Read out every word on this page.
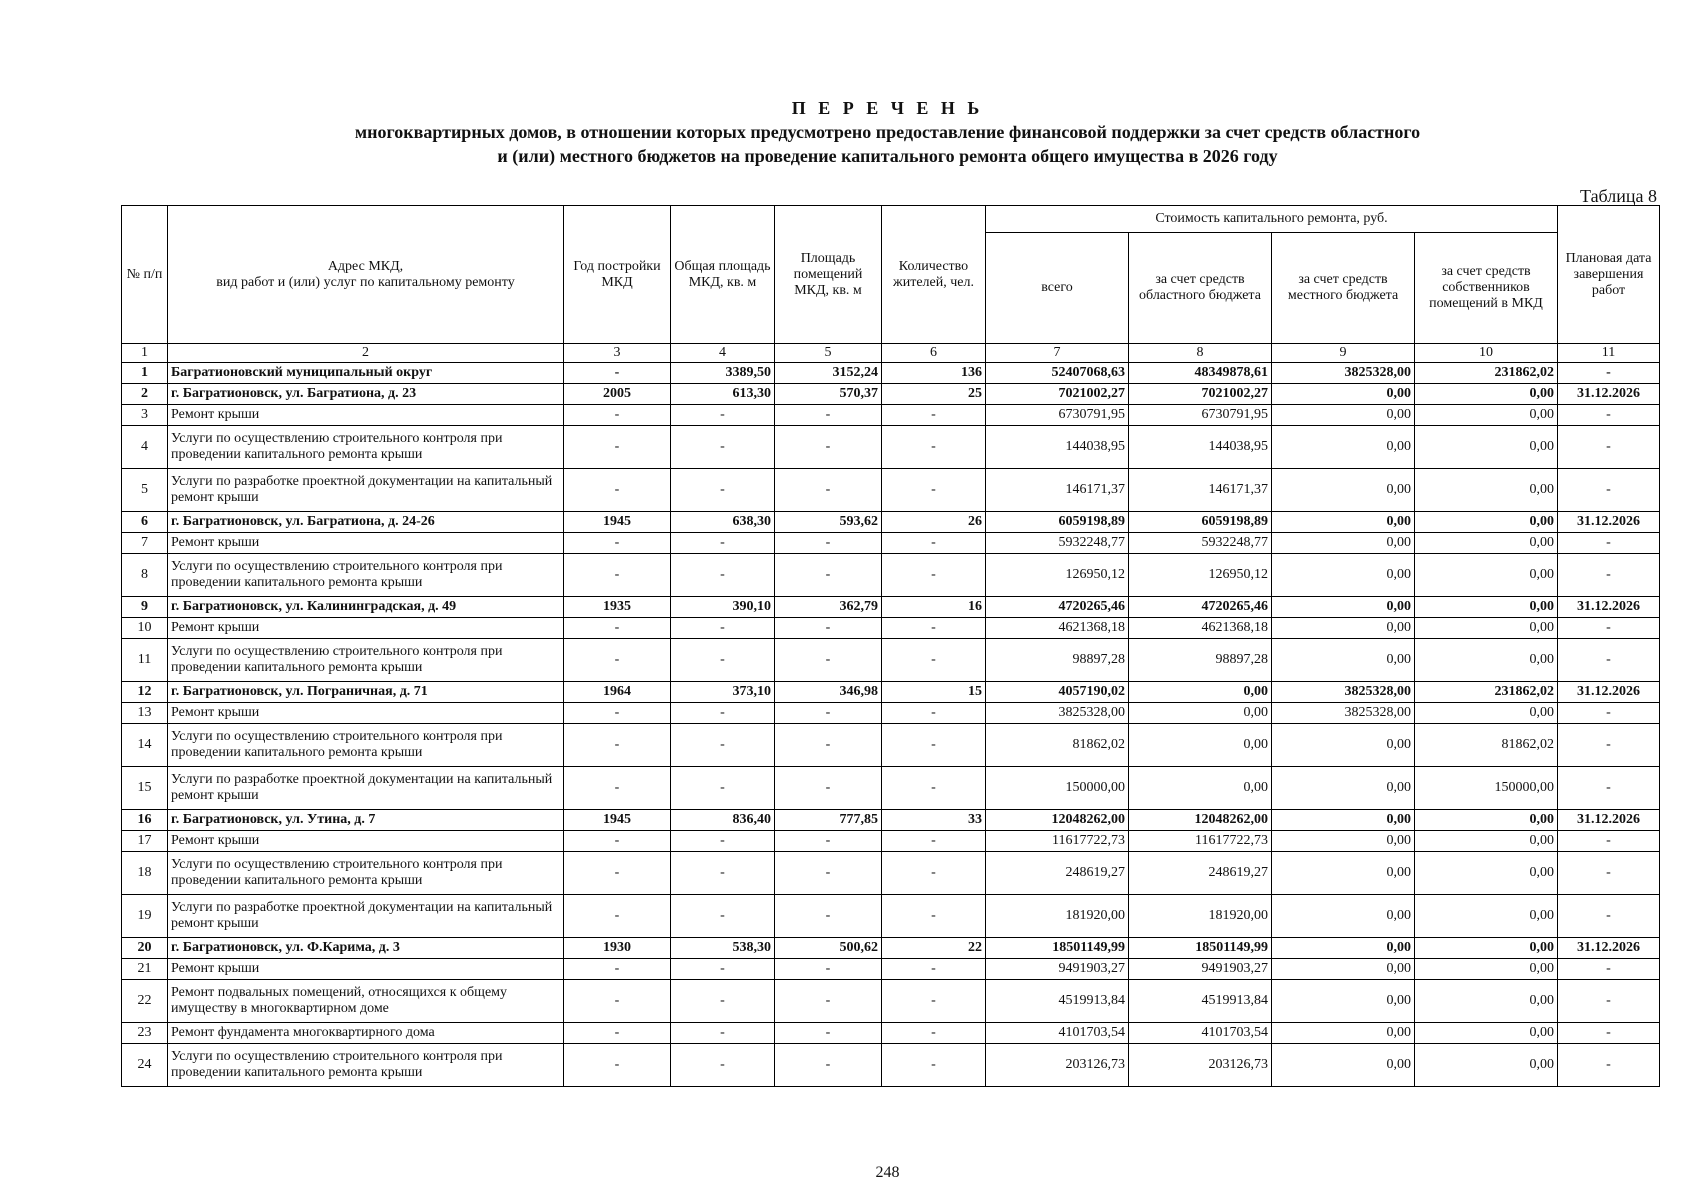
П Е Р Е Ч Е Н Ь
многоквартирных домов, в отношении которых предусмотрено предоставление финансовой поддержки за счет средств областного
и (или) местного бюджетов на проведение капитального ремонта общего имущества в 2026 году
Таблица 8
№ п/п	Адрес МКД,
вид работ и (или) услуг по капитальному ремонту	Год постройки МКД	Общая площадь МКД, кв. м	Площадь помещений МКД, кв. м	Количество жителей, чел.	Стоимость капитального ремонта, руб.				Плановая дата завершения работ
						всего	за счет средств областного бюджета	за счет средств местного бюджета	за счет средств собственников помещений в МКД	
1	2	3	4	5	6	7	8	9	10	11
1	Багратионовский муниципальный округ	-	3389,50	3152,24	136	52407068,63	48349878,61	3825328,00	231862,02	-
2	г. Багратионовск, ул. Багратиона, д. 23	2005	613,30	570,37	25	7021002,27	7021002,27	0,00	0,00	31.12.2026
3	Ремонт крыши	-	-	-	-	6730791,95	6730791,95	0,00	0,00	-
4	Услуги по осуществлению строительного контроля при проведении капитального ремонта крыши	-	-	-	-	144038,95	144038,95	0,00	0,00	-
5	Услуги по разработке проектной документации на капитальный ремонт крыши	-	-	-	-	146171,37	146171,37	0,00	0,00	-
6	г. Багратионовск, ул. Багратиона, д. 24-26	1945	638,30	593,62	26	6059198,89	6059198,89	0,00	0,00	31.12.2026
7	Ремонт крыши	-	-	-	-	5932248,77	5932248,77	0,00	0,00	-
8	Услуги по осуществлению строительного контроля при проведении капитального ремонта крыши	-	-	-	-	126950,12	126950,12	0,00	0,00	-
9	г. Багратионовск, ул. Калининградская, д. 49	1935	390,10	362,79	16	4720265,46	4720265,46	0,00	0,00	31.12.2026
10	Ремонт крыши	-	-	-	-	4621368,18	4621368,18	0,00	0,00	-
11	Услуги по осуществлению строительного контроля при проведении капитального ремонта крыши	-	-	-	-	98897,28	98897,28	0,00	0,00	-
12	г. Багратионовск, ул. Пограничная, д. 71	1964	373,10	346,98	15	4057190,02	0,00	3825328,00	231862,02	31.12.2026
13	Ремонт крыши	-	-	-	-	3825328,00	0,00	3825328,00	0,00	-
14	Услуги по осуществлению строительного контроля при проведении капитального ремонта крыши	-	-	-	-	81862,02	0,00	0,00	81862,02	-
15	Услуги по разработке проектной документации на капитальный ремонт крыши	-	-	-	-	150000,00	0,00	0,00	150000,00	-
16	г. Багратионовск, ул. Утина, д. 7	1945	836,40	777,85	33	12048262,00	12048262,00	0,00	0,00	31.12.2026
17	Ремонт крыши	-	-	-	-	11617722,73	11617722,73	0,00	0,00	-
18	Услуги по осуществлению строительного контроля при проведении капитального ремонта крыши	-	-	-	-	248619,27	248619,27	0,00	0,00	-
19	Услуги по разработке проектной документации на капитальный ремонт крыши	-	-	-	-	181920,00	181920,00	0,00	0,00	-
20	г. Багратионовск, ул. Ф.Карима, д. 3	1930	538,30	500,62	22	18501149,99	18501149,99	0,00	0,00	31.12.2026
21	Ремонт крыши	-	-	-	-	9491903,27	9491903,27	0,00	0,00	-
22	Ремонт подвальных помещений, относящихся к общему имуществу в многоквартирном доме	-	-	-	-	4519913,84	4519913,84	0,00	0,00	-
23	Ремонт фундамента многоквартирного дома	-	-	-	-	4101703,54	4101703,54	0,00	0,00	-
24	Услуги по осуществлению строительного контроля при проведении капитального ремонта крыши	-	-	-	-	203126,73	203126,73	0,00	0,00	-
248
